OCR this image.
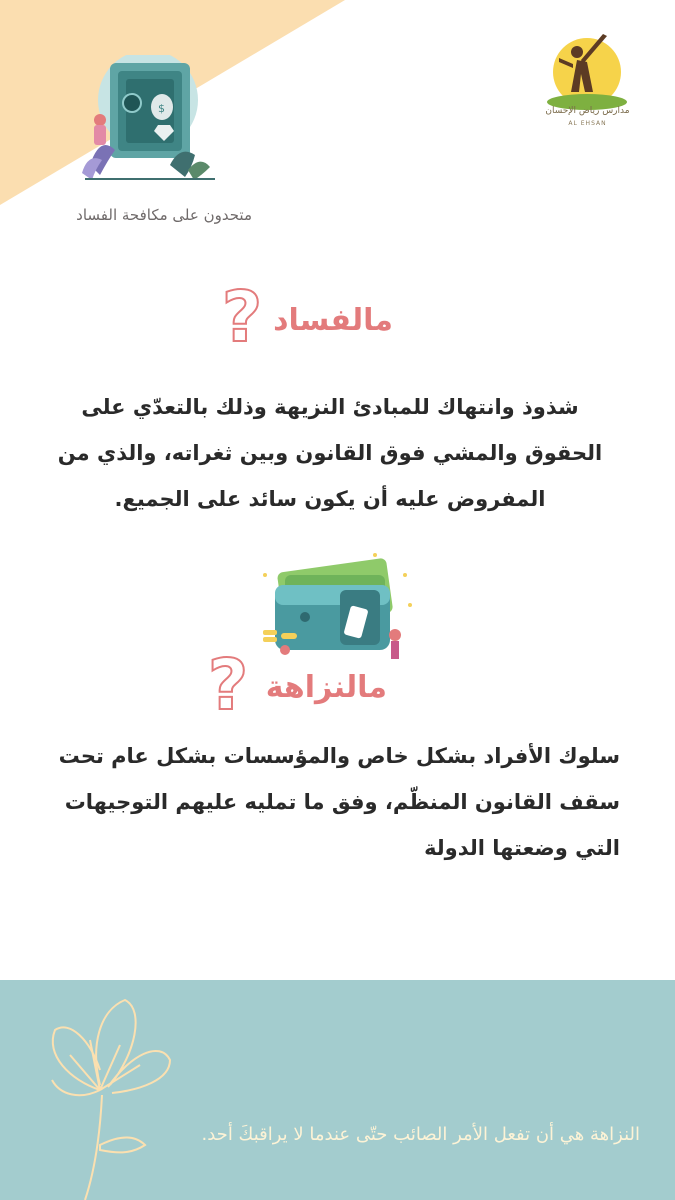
$	مدارس رياض الإحسان
AL EHSAN
متحدون على مكافحة الفساد
؟ مالفساد
شذوذ وانتهاك للمبادئ النزيهة وذلك بالتعدّي على الحقوق والمشي فوق القانون وبين ثغراته، والذي من المفروض عليه أن يكون سائد على الجميع.
؟ مالنزاهة
سلوك الأفراد بشكل خاص والمؤسسات بشكل عام تحت سقف القانون المنظّم، وفق ما تمليه عليهم التوجيهات التي وضعتها الدولة
النزاهة هي أن تفعل الأمر الصائب حتّى عندما لا يراقبكَ أحد.
